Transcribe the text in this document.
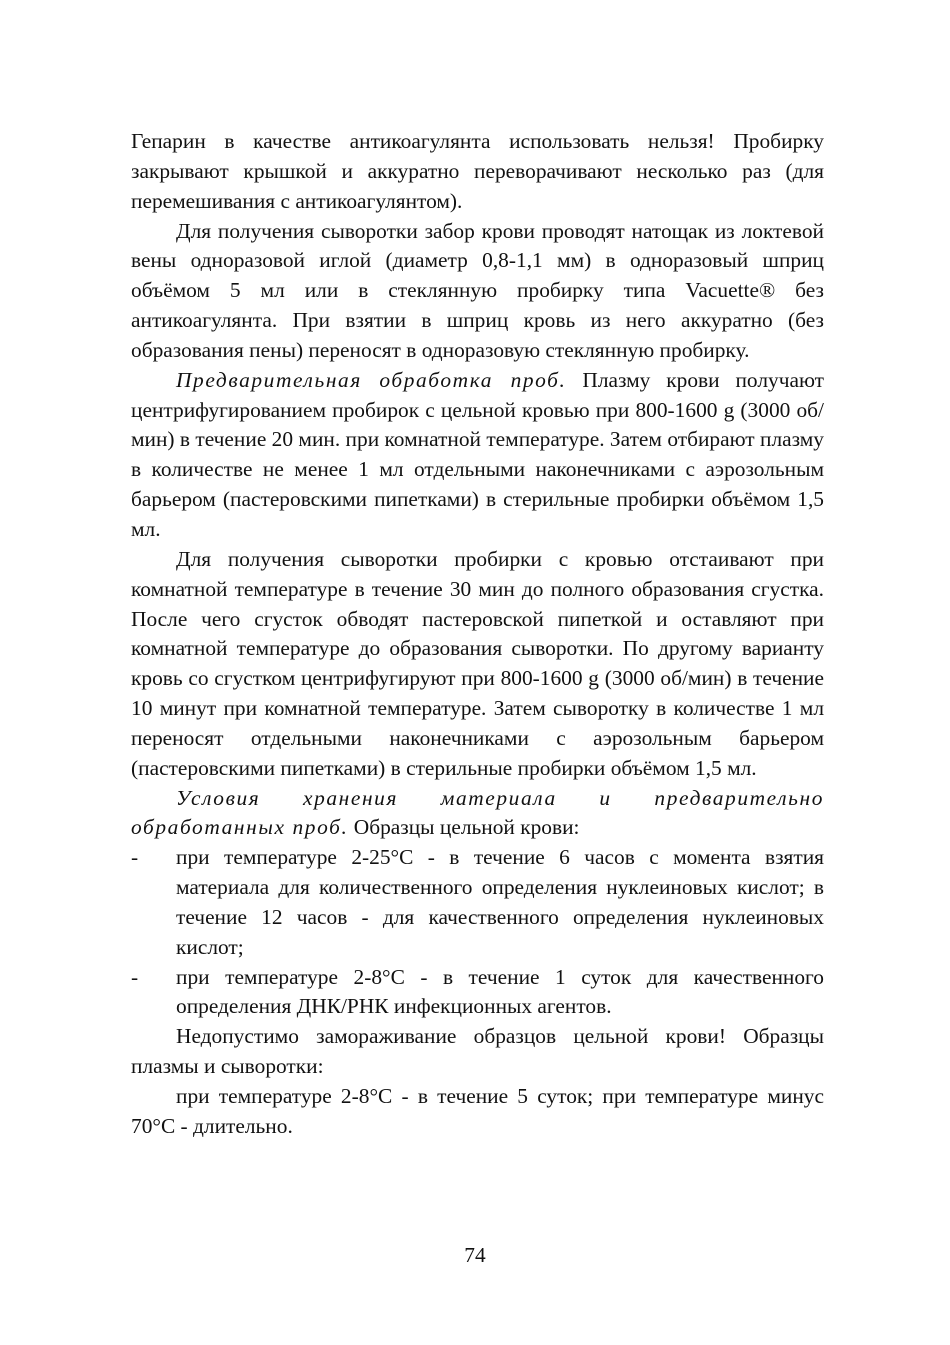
Гепарин в качестве антикоагулянта использовать нельзя! Пробирку закрывают крышкой и аккуратно переворачивают несколько раз (для перемешивания с антикоагулянтом).

Для получения сыворотки забор крови проводят натощак из локтевой вены одноразовой иглой (диаметр 0,8-1,1 мм) в одноразовый шприц объёмом 5 мл или в стеклянную пробирку типа Vacuette® без антикоагулянта. При взятии в шприц кровь из него аккуратно (без образования пены) переносят в одноразовую стеклянную пробирку.

Предварительная обработка проб. Плазму крови получают центрифугированием пробирок с цельной кровью при 800-1600 g (3000 об/мин) в течение 20 мин. при комнатной температуре. Затем отбирают плазму в количестве не менее 1 мл отдельными наконечниками с аэрозольным барьером (пастеровскими пипетками) в стерильные пробирки объёмом 1,5 мл.

Для получения сыворотки пробирки с кровью отстаивают при комнатной температуре в течение 30 мин до полного образования сгустка. После чего сгусток обводят пастеровской пипеткой и оставляют при комнатной температуре до образования сыворотки. По другому варианту кровь со сгустком центрифугируют при 800-1600 g (3000 об/мин) в течение 10 минут при комнатной температуре. Затем сыворотку в количестве 1 мл переносят отдельными наконечниками с аэрозольным барьером (пастеровскими пипетками) в стерильные пробирки объёмом 1,5 мл.

Условия хранения материала и предварительно обработанных проб. Образцы цельной крови:

- при температуре 2-25°С - в течение 6 часов с момента взятия материала для количественного определения нуклеиновых кислот; в течение 12 часов - для качественного определения нуклеиновых кислот;
- при температуре 2-8°С - в течение 1 суток для качественного определения ДНК/РНК инфекционных агентов.

Недопустимо замораживание образцов цельной крови! Образцы плазмы и сыворотки:

при температуре 2-8°С - в течение 5 суток; при температуре минус 70°С - длительно.

74
